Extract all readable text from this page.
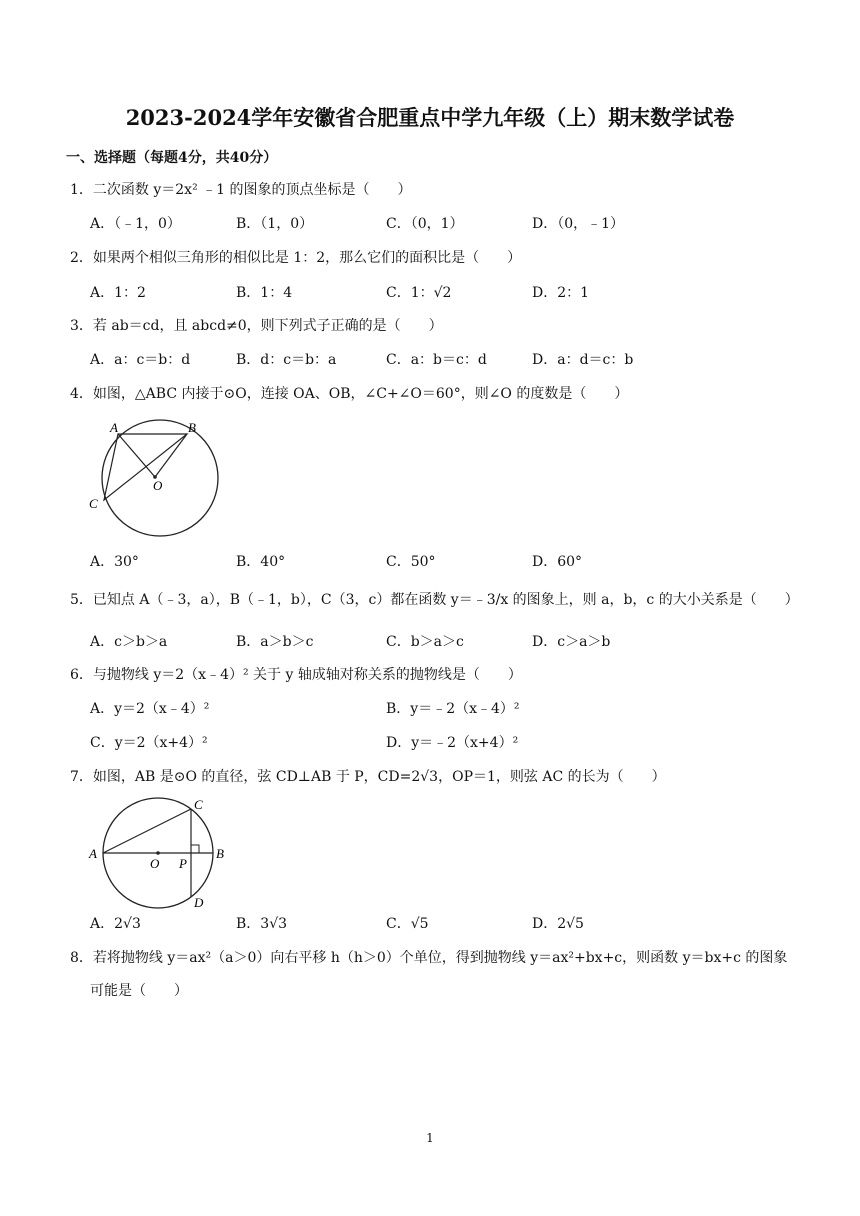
2023-2024学年安徽省合肥重点中学九年级（上）期末数学试卷
一、选择题（每题4分，共40分）
1．二次函数 y＝2x² ﹣1 的图象的顶点坐标是（　　）
A．（﹣1，0）	B．（1，0）	C．（0，1）	D．（0，﹣1）
2．如果两个相似三角形的相似比是 1：2，那么它们的面积比是（　　）
A．1：2	B．1：4	C．1：√2	D．2：1
3．若 ab＝cd，且 abcd≠0，则下列式子正确的是（　　）
A．a：c＝b：d	B．d：c＝b：a	C．a：b＝c：d	D．a：d＝c：b
4．如图，△ABC 内接于⊙O，连接 OA、OB，∠C+∠O＝60°，则∠O 的度数是（　　）
A	B
C
O
A．30°	B．40°	C．50°	D．60°
5．已知点 A（﹣3，a），B（﹣1，b），C（3，c）都在函数 y＝﹣3/x 的图象上，则 a，b，c 的大小关系是（　　）
A．c＞b＞a	B．a＞b＞c	C．b＞a＞c	D．c＞a＞b
6．与抛物线 y＝2（x﹣4）² 关于 y 轴成轴对称关系的抛物线是（　　）
A．y＝2（x﹣4）²	B．y＝﹣2（x﹣4）²
C．y＝2（x+4）²	D．y＝﹣2（x+4）²
7．如图，AB 是⊙O 的直径，弦 CD⊥AB 于 P，CD=2√3，OP＝1，则弦 AC 的长为（　　）
A	B
C
D
O P
A．2√3	B．3√3	C．√5	D．2√5
8．若将抛物线 y＝ax²（a＞0）向右平移 h（h＞0）个单位，得到抛物线 y＝ax²+bx+c，则函数 y＝bx+c 的图象
可能是（　　）
1
